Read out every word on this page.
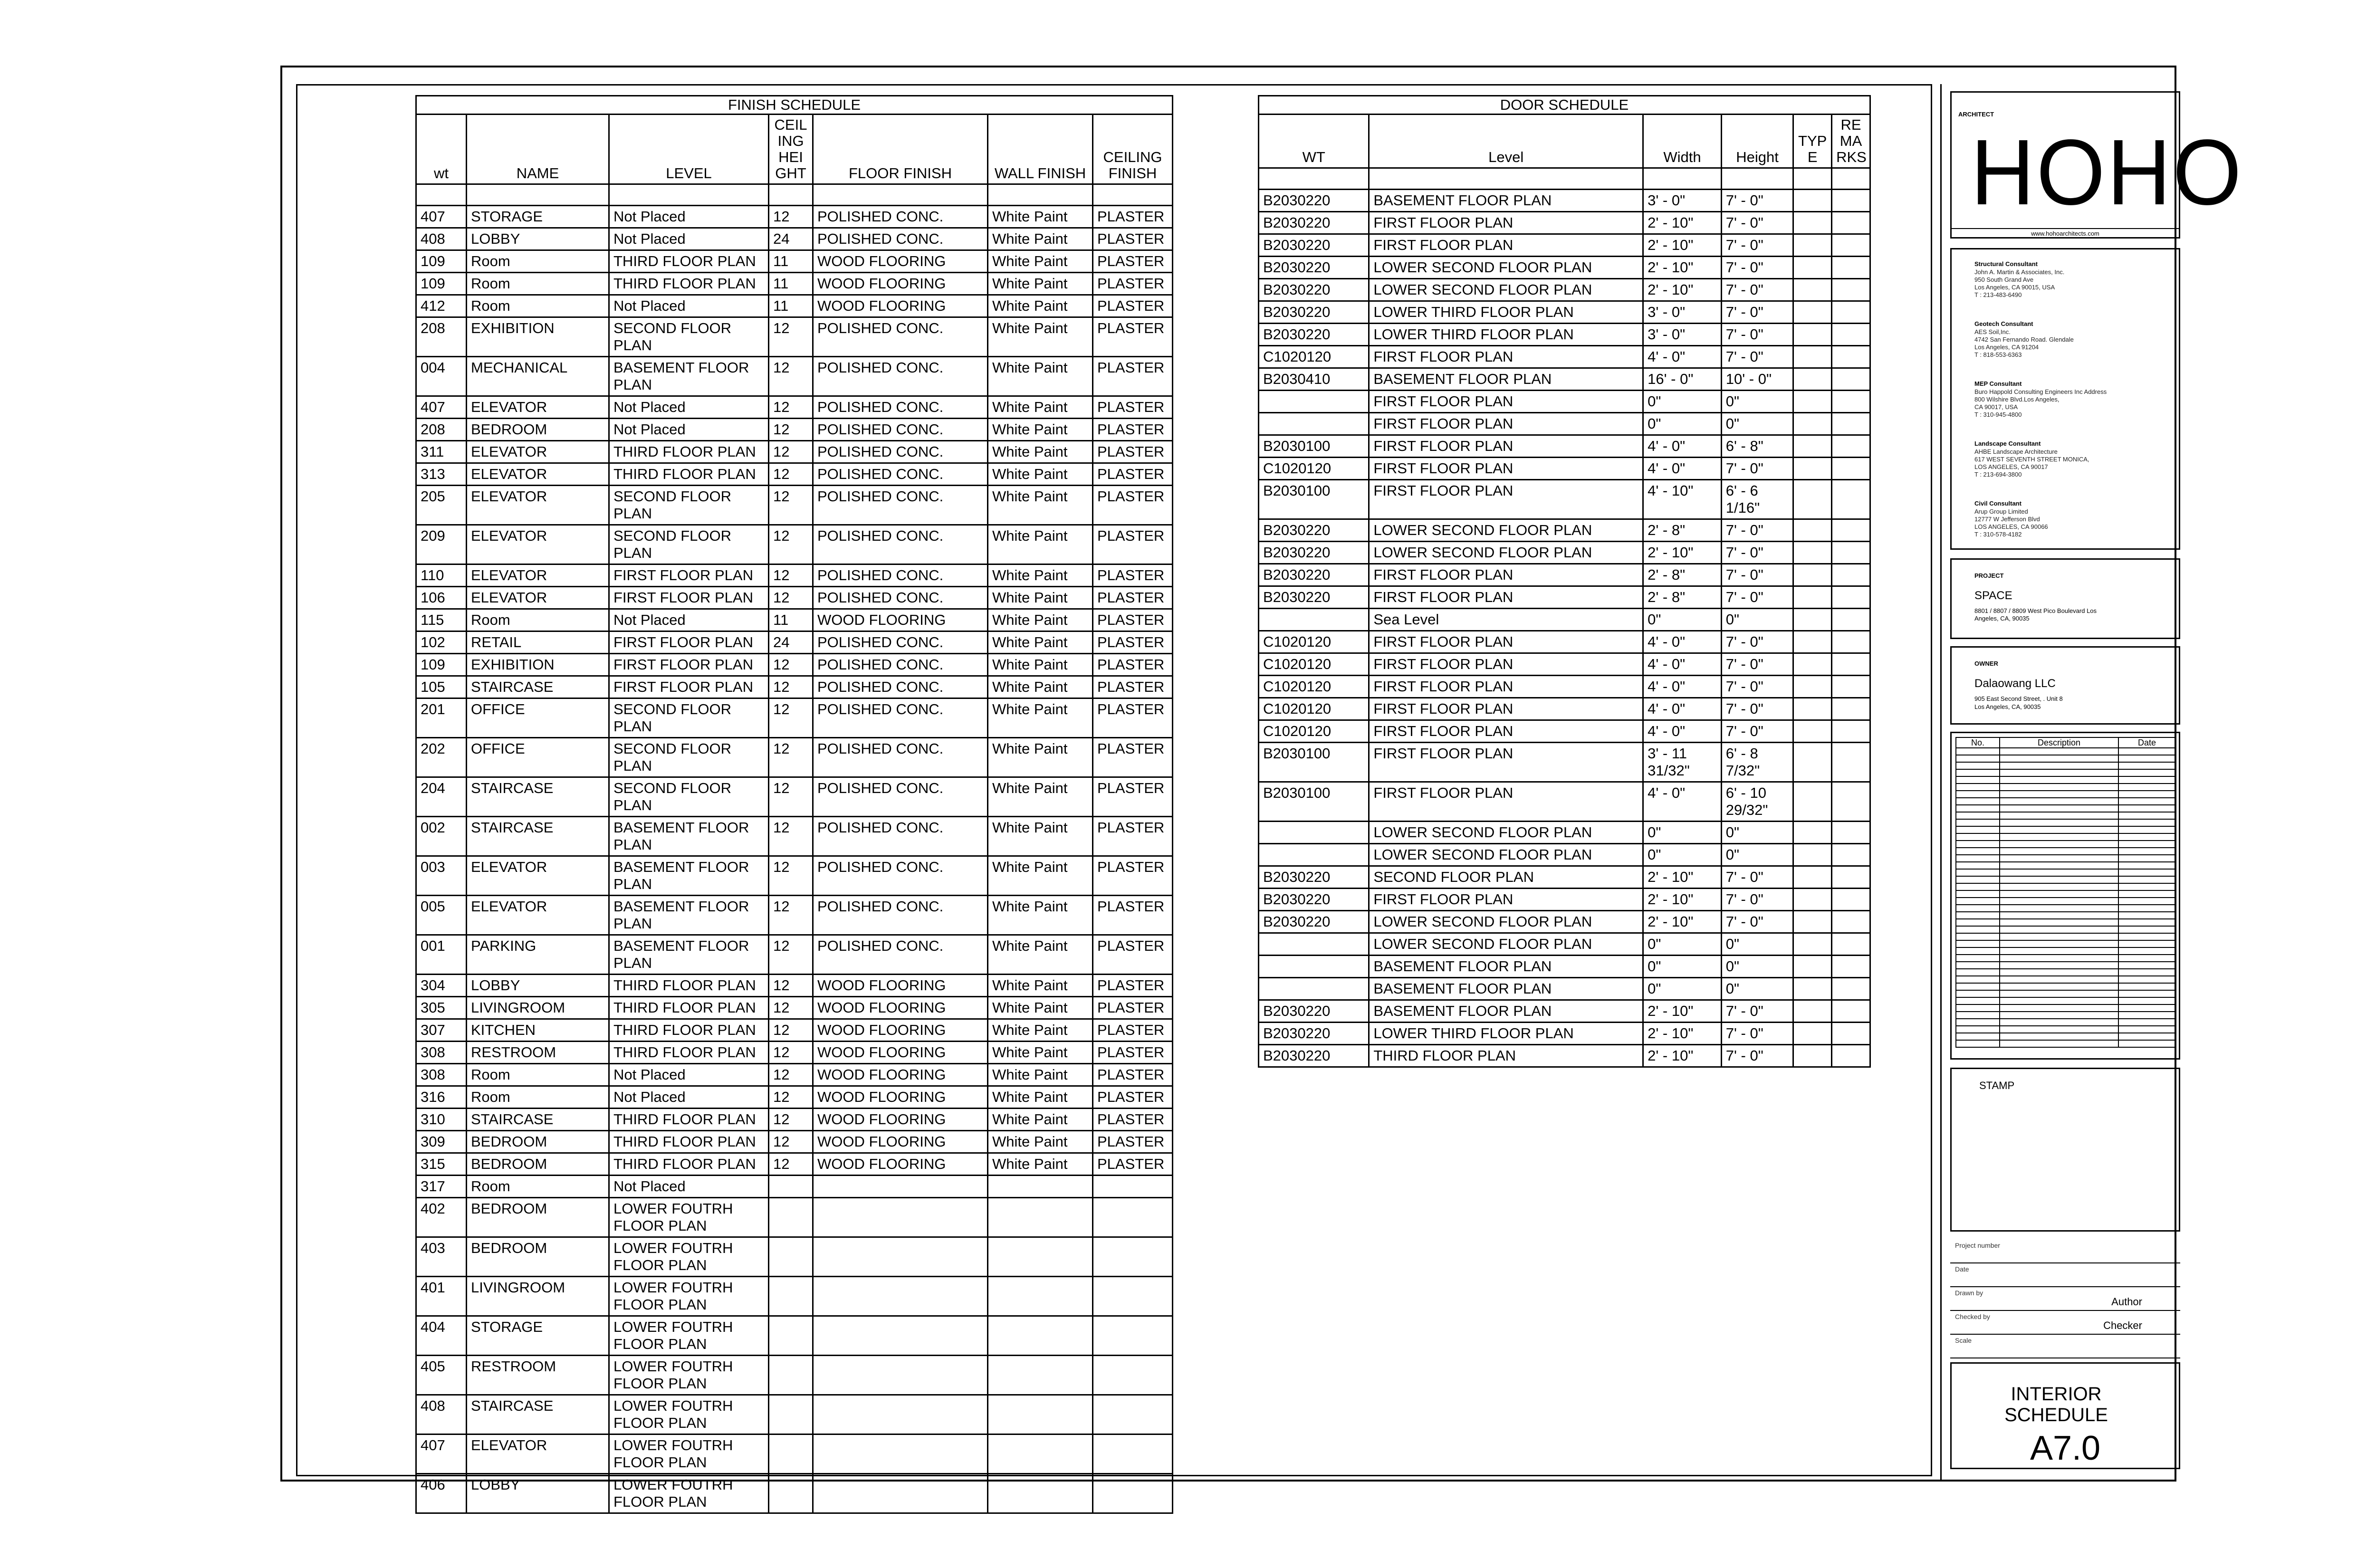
FINISH SCHEDULE						
wt	NAME	LEVEL	CEIL ING HEI GHT	FLOOR FINISH	WALL FINISH	CEILING FINISH

407	STORAGE	Not Placed	12	POLISHED CONC.	White Paint	PLASTER
408	LOBBY	Not Placed	24	POLISHED CONC.	White Paint	PLASTER
109	Room	THIRD FLOOR PLAN	11	WOOD FLOORING	White Paint	PLASTER
109	Room	THIRD FLOOR PLAN	11	WOOD FLOORING	White Paint	PLASTER
412	Room	Not Placed	11	WOOD FLOORING	White Paint	PLASTER
208	EXHIBITION	SECOND FLOOR PLAN	12	POLISHED CONC.	White Paint	PLASTER
004	MECHANICAL	BASEMENT FLOOR PLAN	12	POLISHED CONC.	White Paint	PLASTER
407	ELEVATOR	Not Placed	12	POLISHED CONC.	White Paint	PLASTER
208	BEDROOM	Not Placed	12	POLISHED CONC.	White Paint	PLASTER
311	ELEVATOR	THIRD FLOOR PLAN	12	POLISHED CONC.	White Paint	PLASTER
313	ELEVATOR	THIRD FLOOR PLAN	12	POLISHED CONC.	White Paint	PLASTER
205	ELEVATOR	SECOND FLOOR PLAN	12	POLISHED CONC.	White Paint	PLASTER
209	ELEVATOR	SECOND FLOOR PLAN	12	POLISHED CONC.	White Paint	PLASTER
110	ELEVATOR	FIRST FLOOR PLAN	12	POLISHED CONC.	White Paint	PLASTER
106	ELEVATOR	FIRST FLOOR PLAN	12	POLISHED CONC.	White Paint	PLASTER
115	Room	Not Placed	11	WOOD FLOORING	White Paint	PLASTER
102	RETAIL	FIRST FLOOR PLAN	24	POLISHED CONC.	White Paint	PLASTER
109	EXHIBITION	FIRST FLOOR PLAN	12	POLISHED CONC.	White Paint	PLASTER
105	STAIRCASE	FIRST FLOOR PLAN	12	POLISHED CONC.	White Paint	PLASTER
201	OFFICE	SECOND FLOOR PLAN	12	POLISHED CONC.	White Paint	PLASTER
202	OFFICE	SECOND FLOOR PLAN	12	POLISHED CONC.	White Paint	PLASTER
204	STAIRCASE	SECOND FLOOR PLAN	12	POLISHED CONC.	White Paint	PLASTER
002	STAIRCASE	BASEMENT FLOOR PLAN	12	POLISHED CONC.	White Paint	PLASTER
003	ELEVATOR	BASEMENT FLOOR PLAN	12	POLISHED CONC.	White Paint	PLASTER
005	ELEVATOR	BASEMENT FLOOR PLAN	12	POLISHED CONC.	White Paint	PLASTER
001	PARKING	BASEMENT FLOOR PLAN	12	POLISHED CONC.	White Paint	PLASTER
304	LOBBY	THIRD FLOOR PLAN	12	WOOD FLOORING	White Paint	PLASTER
305	LIVINGROOM	THIRD FLOOR PLAN	12	WOOD FLOORING	White Paint	PLASTER
307	KITCHEN	THIRD FLOOR PLAN	12	WOOD FLOORING	White Paint	PLASTER
308	RESTROOM	THIRD FLOOR PLAN	12	WOOD FLOORING	White Paint	PLASTER
308	Room	Not Placed	12	WOOD FLOORING	White Paint	PLASTER
316	Room	Not Placed	12	WOOD FLOORING	White Paint	PLASTER
310	STAIRCASE	THIRD FLOOR PLAN	12	WOOD FLOORING	White Paint	PLASTER
309	BEDROOM	THIRD FLOOR PLAN	12	WOOD FLOORING	White Paint	PLASTER
315	BEDROOM	THIRD FLOOR PLAN	12	WOOD FLOORING	White Paint	PLASTER
317	Room	Not Placed				
402	BEDROOM	LOWER FOUTRH FLOOR PLAN				
403	BEDROOM	LOWER FOUTRH FLOOR PLAN				
401	LIVINGROOM	LOWER FOUTRH FLOOR PLAN				
404	STORAGE	LOWER FOUTRH FLOOR PLAN				
405	RESTROOM	LOWER FOUTRH FLOOR PLAN				
408	STAIRCASE	LOWER FOUTRH FLOOR PLAN				
407	ELEVATOR	LOWER FOUTRH FLOOR PLAN				
406	LOBBY	LOWER FOUTRH FLOOR PLAN				
DOOR SCHEDULE					
WT	Level	Width	Height	TYP E	RE MA RKS

B2030220	BASEMENT FLOOR PLAN	3' - 0"	7' - 0"		
B2030220	FIRST FLOOR PLAN	2' - 10"	7' - 0"		
B2030220	FIRST FLOOR PLAN	2' - 10"	7' - 0"		
B2030220	LOWER SECOND FLOOR PLAN	2' - 10"	7' - 0"		
B2030220	LOWER SECOND FLOOR PLAN	2' - 10"	7' - 0"		
B2030220	LOWER THIRD FLOOR PLAN	3' - 0"	7' - 0"		
B2030220	LOWER THIRD FLOOR PLAN	3' - 0"	7' - 0"		
C1020120	FIRST FLOOR PLAN	4' - 0"	7' - 0"		
B2030410	BASEMENT FLOOR PLAN	16' - 0"	10' - 0"		
	FIRST FLOOR PLAN	0"	0"		
	FIRST FLOOR PLAN	0"	0"		
B2030100	FIRST FLOOR PLAN	4' - 0"	6' - 8"		
C1020120	FIRST FLOOR PLAN	4' - 0"	7' - 0"		
B2030100	FIRST FLOOR PLAN	4' - 10"	6' - 6 1/16"		
B2030220	LOWER SECOND FLOOR PLAN	2' - 8"	7' - 0"		
B2030220	LOWER SECOND FLOOR PLAN	2' - 10"	7' - 0"		
B2030220	FIRST FLOOR PLAN	2' - 8"	7' - 0"		
B2030220	FIRST FLOOR PLAN	2' - 8"	7' - 0"		
	Sea Level	0"	0"		
C1020120	FIRST FLOOR PLAN	4' - 0"	7' - 0"		
C1020120	FIRST FLOOR PLAN	4' - 0"	7' - 0"		
C1020120	FIRST FLOOR PLAN	4' - 0"	7' - 0"		
C1020120	FIRST FLOOR PLAN	4' - 0"	7' - 0"		
C1020120	FIRST FLOOR PLAN	4' - 0"	7' - 0"		
B2030100	FIRST FLOOR PLAN	3' - 11 31/32"	6' - 8 7/32"		
B2030100	FIRST FLOOR PLAN	4' - 0"	6' - 10 29/32"		
	LOWER SECOND FLOOR PLAN	0"	0"		
	LOWER SECOND FLOOR PLAN	0"	0"		
B2030220	SECOND FLOOR PLAN	2' - 10"	7' - 0"		
B2030220	FIRST FLOOR PLAN	2' - 10"	7' - 0"		
B2030220	LOWER SECOND FLOOR PLAN	2' - 10"	7' - 0"		
	LOWER SECOND FLOOR PLAN	0"	0"		
	BASEMENT FLOOR PLAN	0"	0"		
	BASEMENT FLOOR PLAN	0"	0"		
B2030220	BASEMENT FLOOR PLAN	2' - 10"	7' - 0"		
B2030220	LOWER THIRD FLOOR PLAN	2' - 10"	7' - 0"		
B2030220	THIRD FLOOR PLAN	2' - 10"	7' - 0"		
ARCHITECT
HOHO
www.hohoarchitects.com
Structural Consultant
John A. Martin & Associates, Inc.
950 South Grand Ave
Los Angeles, CA 90015, USA
T : 213-483-6490
Geotech Consultant
AES Soil,Inc.
4742 San Fernando Road. Glendale
Los Angeles, CA 91204
T : 818-553-6363
MEP Consultant
Buro Happold Consulting Engineers Inc Address
800 Wilshire Blvd.Los Angeles,
CA 90017, USA
T : 310-945-4800
Landscape Consultant
AHBE Landscape Architecture
617 WEST SEVENTH STREET MONICA,
LOS ANGELES, CA 90017
T : 213-694-3800
Civil Consultant
Arup Group Limited
12777 W Jefferson Blvd
LOS ANGELES, CA 90066
T : 310-578-4182
PROJECT
SPACE
8801 / 8807 / 8809 West Pico Boulevard Los Angeles, CA, 90035
OWNER
Dalaowang LLC
905 East Second Street, . Unit 8
Los Angeles, CA, 90035
No.	Description	Date

STAMP
Project number
Date
Drawn by
Author
Checked by
Checker
Scale
INTERIOR SCHEDULE
A7.0
